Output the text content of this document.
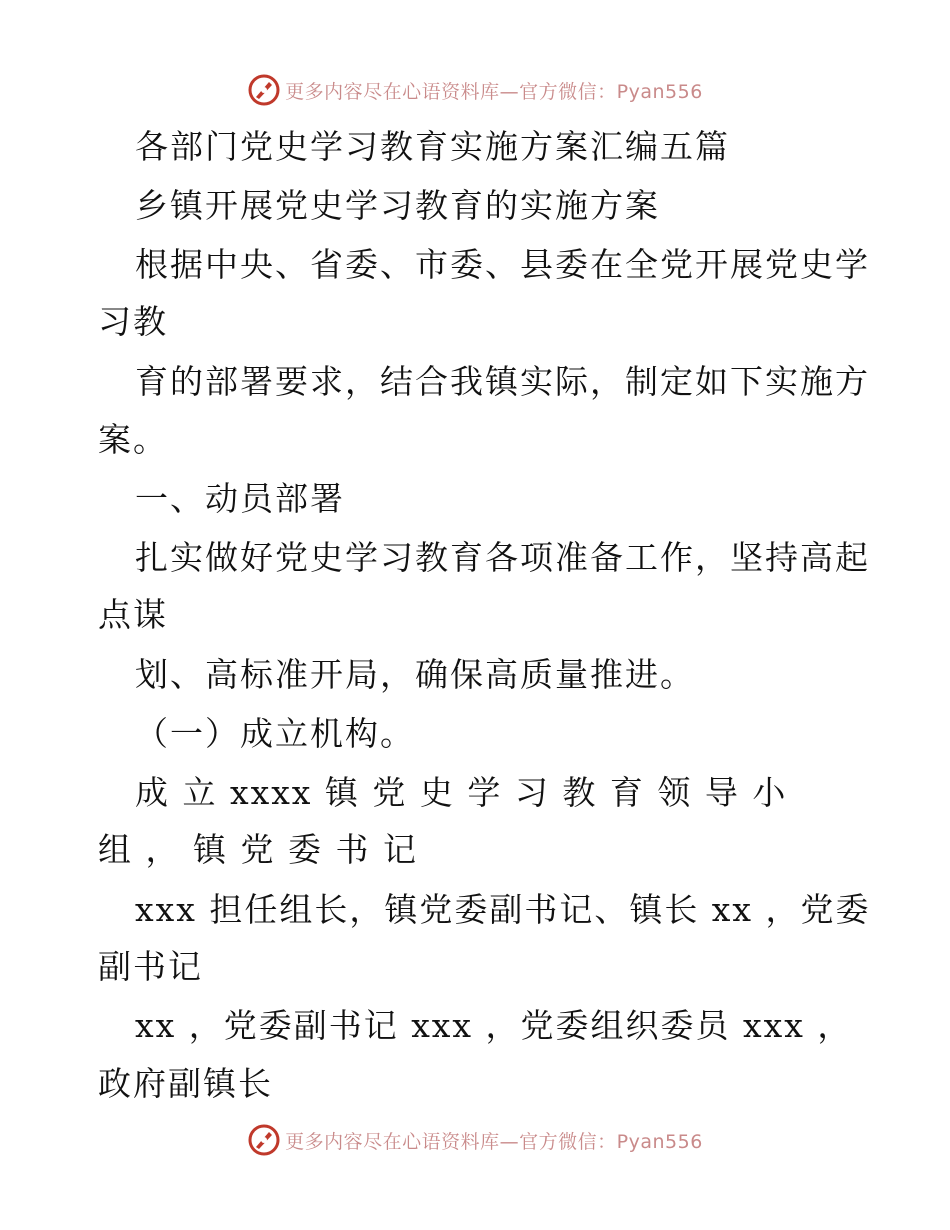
更多内容尽在心语资料库—官方微信：Pyan556
各部门党史学习教育实施方案汇编五篇
乡镇开展党史学习教育的实施方案
根据中央、省委、市委、县委在全党开展党史学
习教
育的部署要求，结合我镇实际，制定如下实施方
案。
一、动员部署
扎实做好党史学习教育各项准备工作，坚持高起
点谋
划、高标准开局，确保高质量推进。
（一）成立机构。
成 立 xxxx 镇 党 史 学 习 教 育 领 导 小
组 ， 镇 党 委 书 记
xxx 担任组长，镇党委副书记、镇长 xx ，党委
副书记
xx ，党委副书记 xxx ，党委组织委员 xxx ，
政府副镇长
更多内容尽在心语资料库—官方微信：Pyan556
